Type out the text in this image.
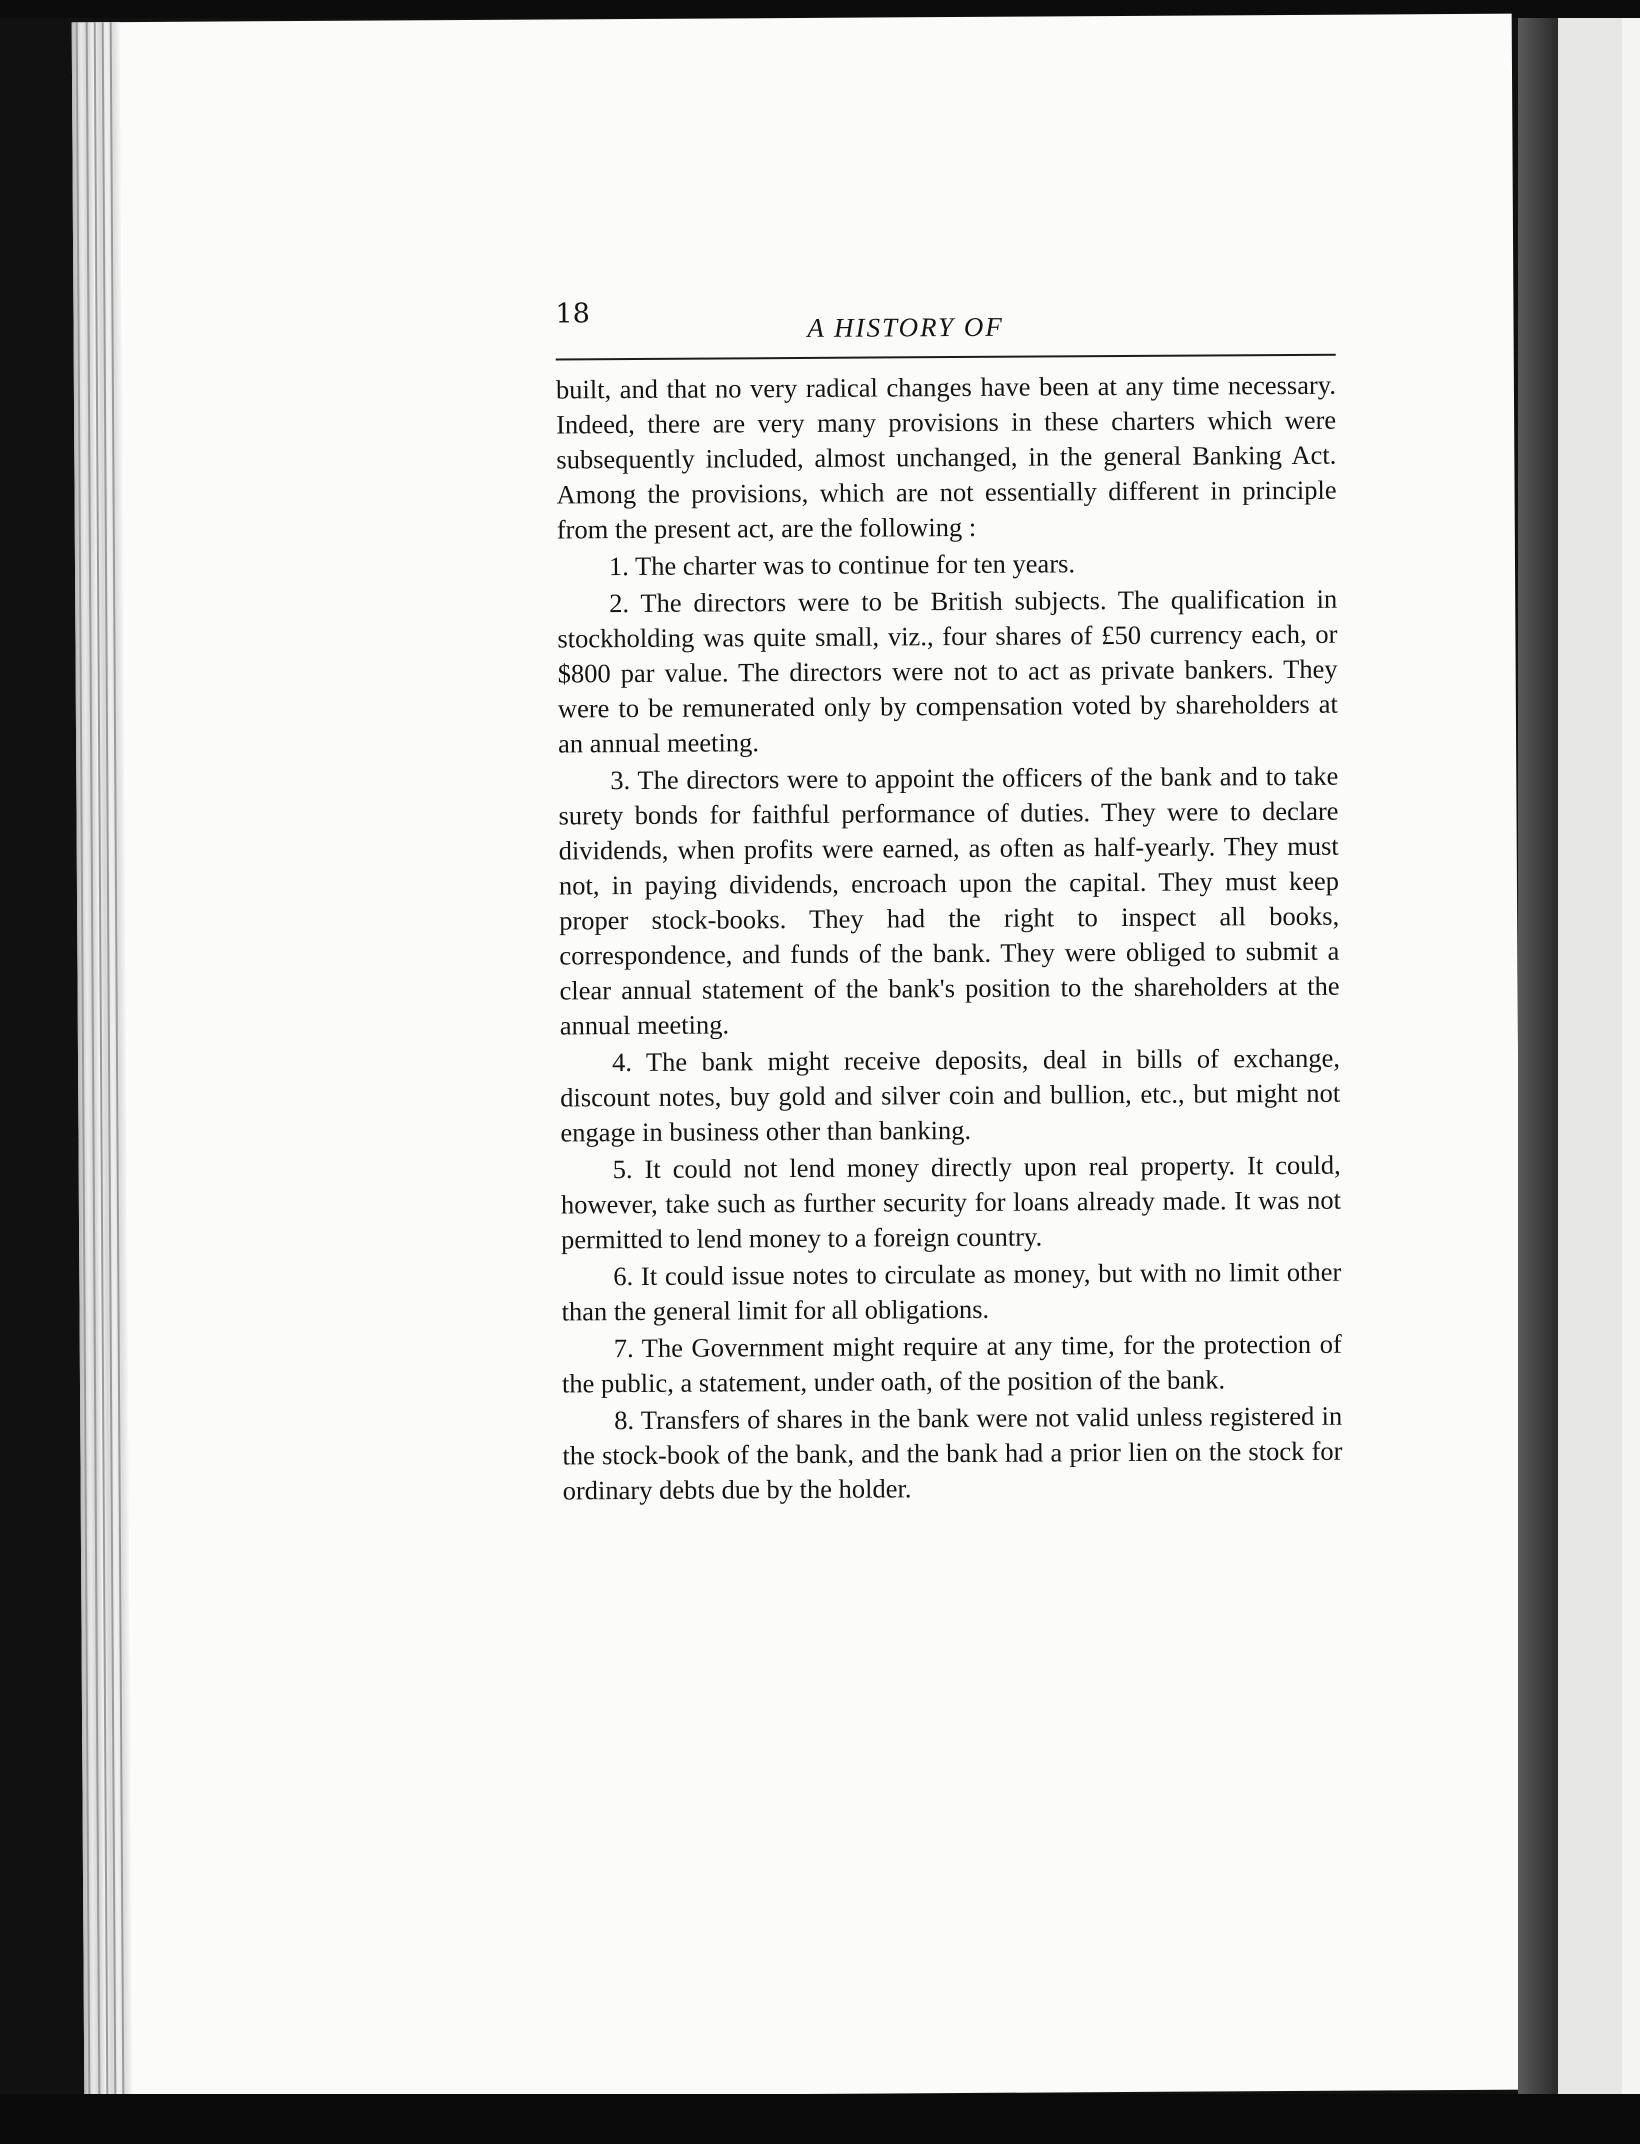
18	A HISTORY OF

built, and that no very radical changes have been at any time necessary. Indeed, there are very many provisions in these charters which were subsequently included, almost unchanged, in the general Banking Act. Among the provisions, which are not essentially different in principle from the present act, are the following :

1. The charter was to continue for ten years.

2. The directors were to be British subjects. The qualification in stockholding was quite small, viz., four shares of £50 currency each, or $800 par value. The directors were not to act as private bankers. They were to be remunerated only by compensation voted by shareholders at an annual meeting.

3. The directors were to appoint the officers of the bank and to take surety bonds for faithful performance of duties. They were to declare dividends, when profits were earned, as often as half-yearly. They must not, in paying dividends, encroach upon the capital. They must keep proper stock-books. They had the right to inspect all books, correspondence, and funds of the bank. They were obliged to submit a clear annual statement of the bank's position to the shareholders at the annual meeting.

4. The bank might receive deposits, deal in bills of exchange, discount notes, buy gold and silver coin and bullion, etc., but might not engage in business other than banking.

5. It could not lend money directly upon real property. It could, however, take such as further security for loans already made. It was not permitted to lend money to a foreign country.

6. It could issue notes to circulate as money, but with no limit other than the general limit for all obligations.

7. The Government might require at any time, for the protection of the public, a statement, under oath, of the position of the bank.

8. Transfers of shares in the bank were not valid unless registered in the stock-book of the bank, and the bank had a prior lien on the stock for ordinary debts due by the holder.
